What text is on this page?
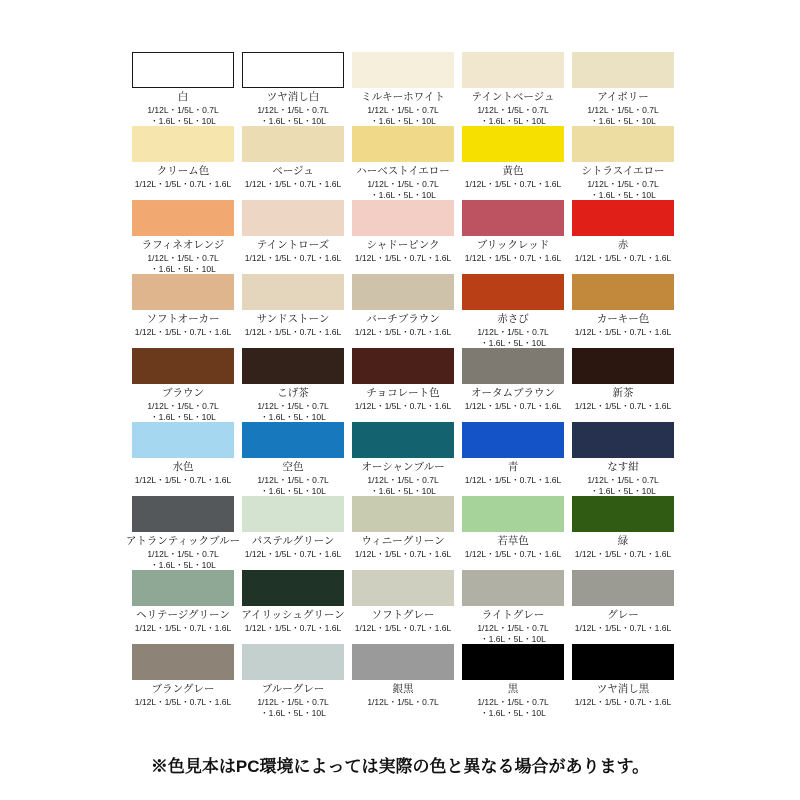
白
1/12L・1/5L・0.7L
・1.6L・5L・10L
ツヤ消し白
1/12L・1/5L・0.7L
・1.6L・5L・10L
ミルキーホワイト
1/12L・1/5L・0.7L
・1.6L・5L・10L
テイントベージュ
1/12L・1/5L・0.7L
・1.6L・5L・10L
アイボリー
1/12L・1/5L・0.7L
・1.6L・5L・10L
クリーム色
1/12L・1/5L・0.7L・1.6L
ベージュ
1/12L・1/5L・0.7L・1.6L
ハーベストイエロー
1/12L・1/5L・0.7L
・1.6L・5L・10L
黄色
1/12L・1/5L・0.7L・1.6L
シトラスイエロー
1/12L・1/5L・0.7L
・1.6L・5L・10L
ラフィネオレンジ
1/12L・1/5L・0.7L
・1.6L・5L・10L
テイントローズ
1/12L・1/5L・0.7L・1.6L
シャドーピンク
1/12L・1/5L・0.7L・1.6L
ブリックレッド
1/12L・1/5L・0.7L・1.6L
赤
1/12L・1/5L・0.7L・1.6L
ソフトオーカー
1/12L・1/5L・0.7L・1.6L
サンドストーン
1/12L・1/5L・0.7L・1.6L
バーチブラウン
1/12L・1/5L・0.7L・1.6L
赤さび
1/12L・1/5L・0.7L
・1.6L・5L・10L
カーキー色
1/12L・1/5L・0.7L・1.6L
ブラウン
1/12L・1/5L・0.7L
・1.6L・5L・10L
こげ茶
1/12L・1/5L・0.7L
・1.6L・5L・10L
チョコレート色
1/12L・1/5L・0.7L・1.6L
オータムブラウン
1/12L・1/5L・0.7L・1.6L
新茶
1/12L・1/5L・0.7L・1.6L
水色
1/12L・1/5L・0.7L・1.6L
空色
1/12L・1/5L・0.7L
・1.6L・5L・10L
オーシャンブルー
1/12L・1/5L・0.7L
・1.6L・5L・10L
青
1/12L・1/5L・0.7L・1.6L
なす紺
1/12L・1/5L・0.7L
・1.6L・5L・10L
アトランティックブルー
1/12L・1/5L・0.7L
・1.6L・5L・10L
パステルグリーン
1/12L・1/5L・0.7L・1.6L
ウィニーグリーン
1/12L・1/5L・0.7L・1.6L
若草色
1/12L・1/5L・0.7L・1.6L
緑
1/12L・1/5L・0.7L・1.6L
ヘリテージグリーン
1/12L・1/5L・0.7L・1.6L
アイリッシュグリーン
1/12L・1/5L・0.7L・1.6L
ソフトグレー
1/12L・1/5L・0.7L・1.6L
ライトグレー
1/12L・1/5L・0.7L
・1.6L・5L・10L
グレー
1/12L・1/5L・0.7L・1.6L
ブラングレー
1/12L・1/5L・0.7L・1.6L
ブルーグレー
1/12L・1/5L・0.7L
・1.6L・5L・10L
銀黒
1/12L・1/5L・0.7L
黒
1/12L・1/5L・0.7L
・1.6L・5L・10L
ツヤ消し黒
1/12L・1/5L・0.7L・1.6L
※色見本はPC環境によっては実際の色と異なる場合があります。
